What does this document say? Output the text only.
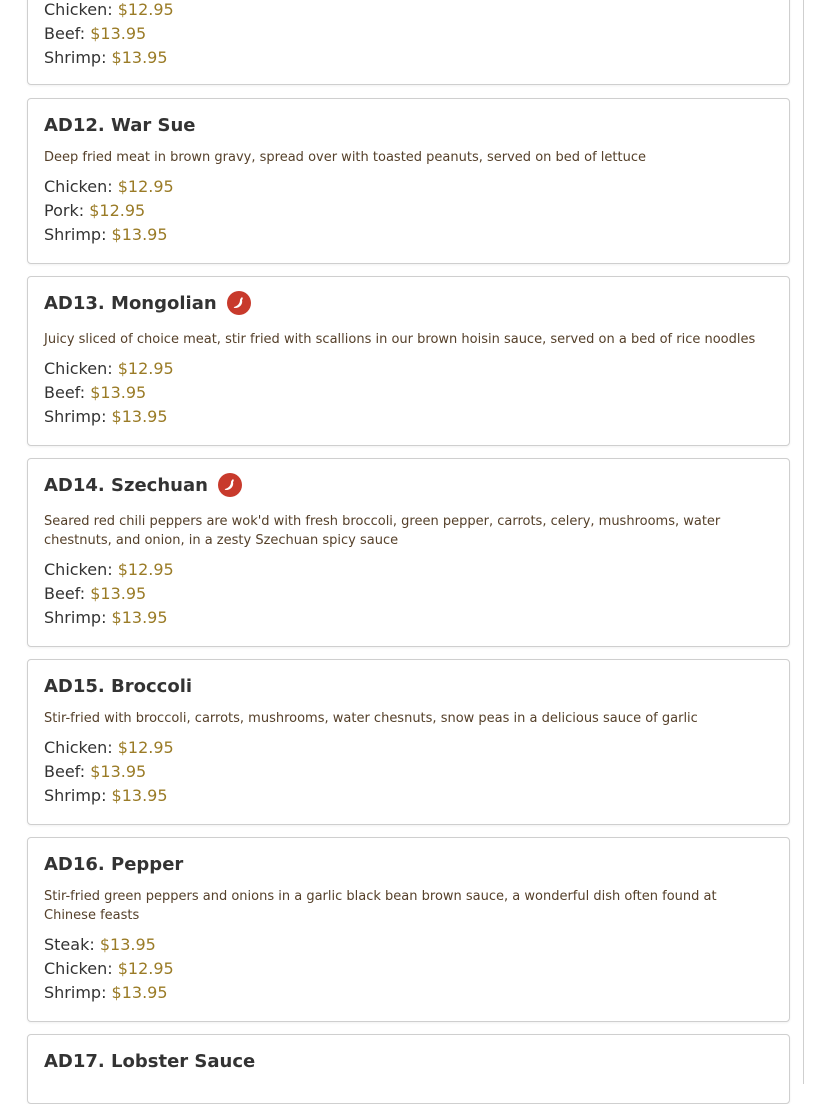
Chicken: $12.95
Beef: $13.95
Shrimp: $13.95
AD12. War Sue
Deep fried meat in brown gravy, spread over with toasted peanuts, served on bed of lettuce
Chicken: $12.95
Pork: $12.95
Shrimp: $13.95
AD13. Mongolian
Juicy sliced of choice meat, stir fried with scallions in our brown hoisin sauce, served on a bed of rice noodles
Chicken: $12.95
Beef: $13.95
Shrimp: $13.95
AD14. Szechuan
Seared red chili peppers are wok'd with fresh broccoli, green pepper, carrots, celery, mushrooms, water chestnuts, and onion, in a zesty Szechuan spicy sauce
Chicken: $12.95
Beef: $13.95
Shrimp: $13.95
AD15. Broccoli
Stir-fried with broccoli, carrots, mushrooms, water chesnuts, snow peas in a delicious sauce of garlic
Chicken: $12.95
Beef: $13.95
Shrimp: $13.95
AD16. Pepper
Stir-fried green peppers and onions in a garlic black bean brown sauce, a wonderful dish often found at Chinese feasts
Steak: $13.95
Chicken: $12.95
Shrimp: $13.95
AD17. Lobster Sauce
